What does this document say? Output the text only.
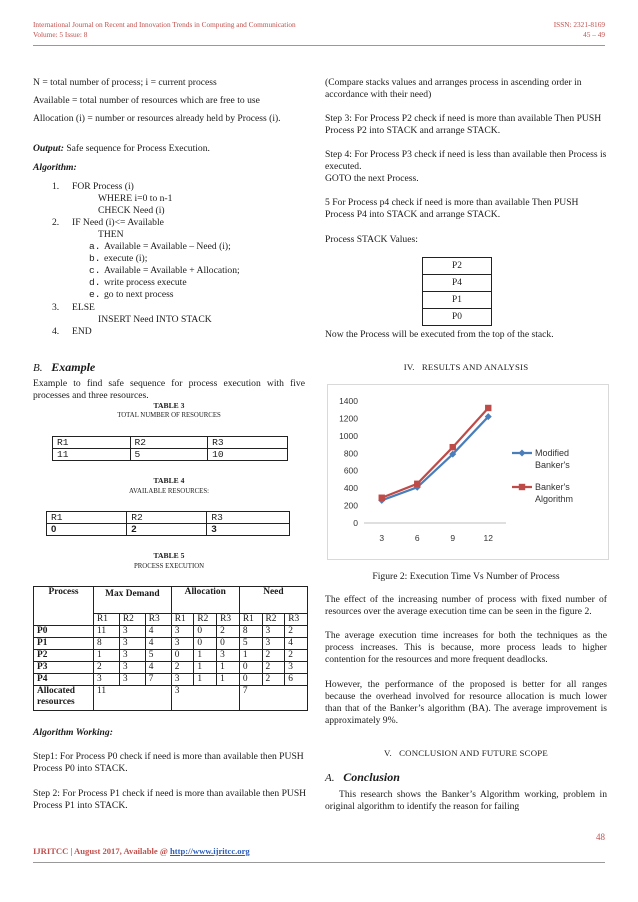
International Journal on Recent and Innovation Trends in Computing and Communication	ISSN: 2321-8169
Volume: 5 Issue: 8	45 – 49
N = total number of process; i = current process
Available = total number of resources which are free to use
Allocation (i) = number or resources already held by Process (i).
Output: Safe sequence for Process Execution.
Algorithm:
1. FOR Process (i)
WHERE i=0 to n-1
CHECK Need (i)
2. IF Need (i)<= Available
THEN
a. Available = Available – Need (i);
b. execute (i);
c. Available = Available + Allocation;
d. write process execute
e. go to next process
3. ELSE
INSERT Need INTO STACK
4. END
B. Example
Example to find safe sequence for process execution with five processes and three resources.
TABLE 3
TOTAL NUMBER OF RESOURCES
R1	R2	R3
11	5	10
TABLE 4
AVAILABLE RESOURCES:
R1	R2	R3
0	2	3
TABLE 5
PROCESS EXECUTION
Process	Max Demand			Allocation			Need		
	R1	R2	R3	R1	R2	R3	R1	R2	R3
P0	11	3	4	3	0	2	8	3	2
P1	8	3	4	3	0	0	5	3	4
P2	1	3	5	0	1	3	1	2	2
P3	2	3	4	2	1	1	0	2	3
P4	3	3	7	3	1	1	0	2	6
Allocated resources	11			3			7		
Algorithm Working:
Step1: For Process P0 check if need is more than available then PUSH Process P0 into STACK.
Step 2: For Process P1 check if need is more than available then PUSH Process P1 into STACK.
(Compare stacks values and arranges process in ascending order in accordance with their need)
Step 3: For Process P2 check if need is more than available Then PUSH Process P2 into STACK and arrange STACK.
Step 4: For Process P3 check if need is less than available then Process is executed.
GOTO the next Process.
5 For Process p4 check if need is more than available Then PUSH Process P4 into STACK and arrange STACK.
Process STACK Values:
P2
P4
P1
P0
Now the Process will be executed from the top of the stack.
IV. RESULTS AND ANALYSIS
0
200
400
600
800
1000
1200
1400
3	6	9	12
Modified
Banker's
Banker's
Algorithm
Figure 2: Execution Time Vs Number of Process
The effect of the increasing number of process with fixed number of resources over the average execution time can be seen in the figure 2.
The average execution time increases for both the techniques as the process increases. This is because, more process leads to higher contention for the resources and more frequent deadlocks.
However, the performance of the proposed is better for all ranges because the overhead involved for resource allocation is much lower than that of the Banker’s algorithm (BA). The average improvement is approximately 9%.
V. CONCLUSION AND FUTURE SCOPE
A. Conclusion
This research shows the Banker’s Algorithm working, problem in original algorithm to identify the reason for failing
48
IJRITCC | August 2017, Available @ http://www.ijritcc.org
